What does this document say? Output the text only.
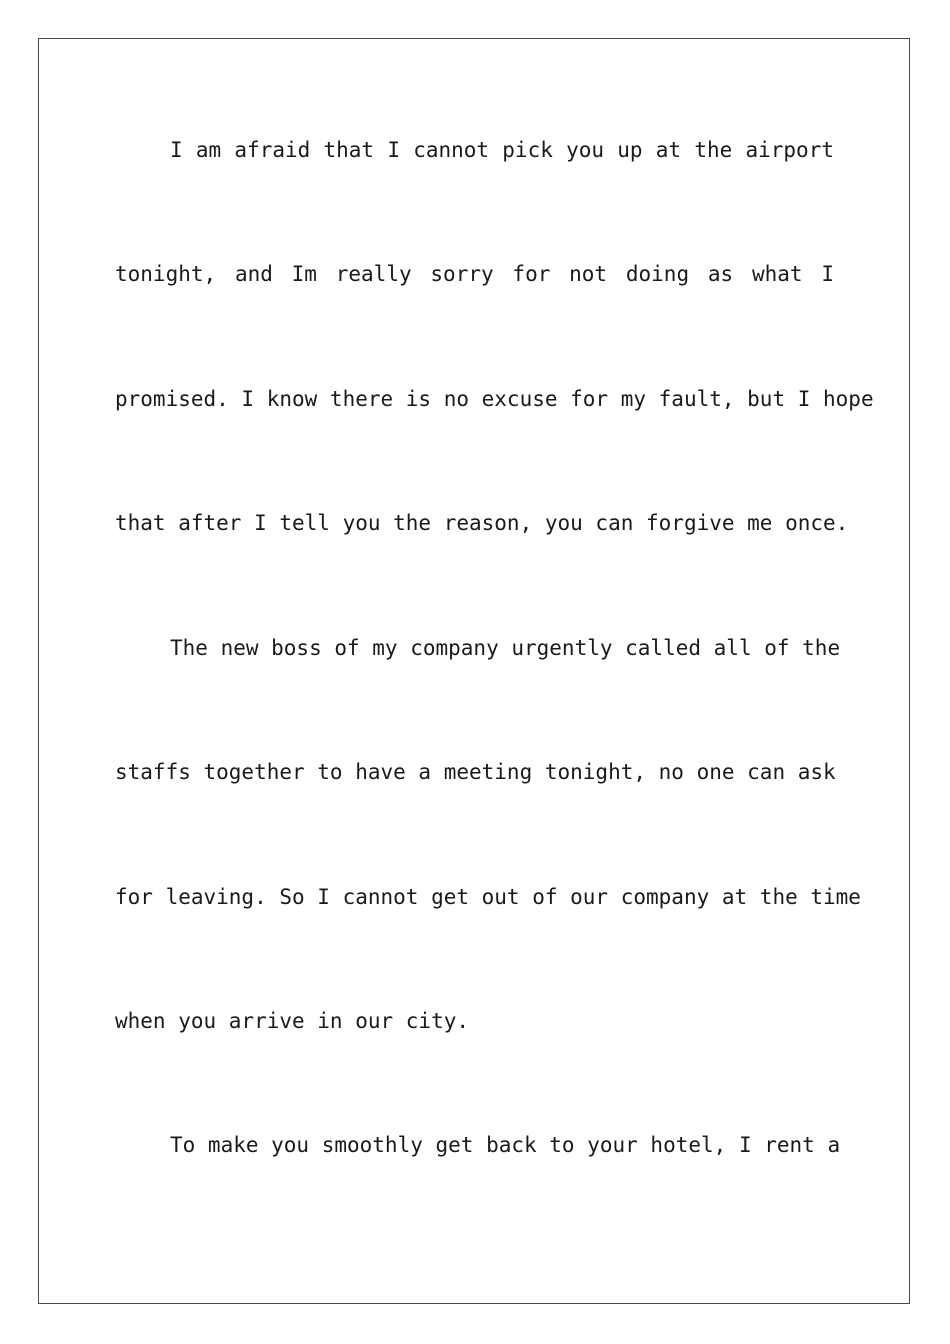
I am afraid that I cannot pick you up at the airport
tonight, and Im really sorry for not doing as what I
promised. I know there is no excuse for my fault, but I hope
that after I tell you the reason, you can forgive me once.
The new boss of my company urgently called all of the
staffs together to have a meeting tonight, no one can ask
for leaving. So I cannot get out of our company at the time
when you arrive in our city.
To make you smoothly get back to your hotel, I rent a
